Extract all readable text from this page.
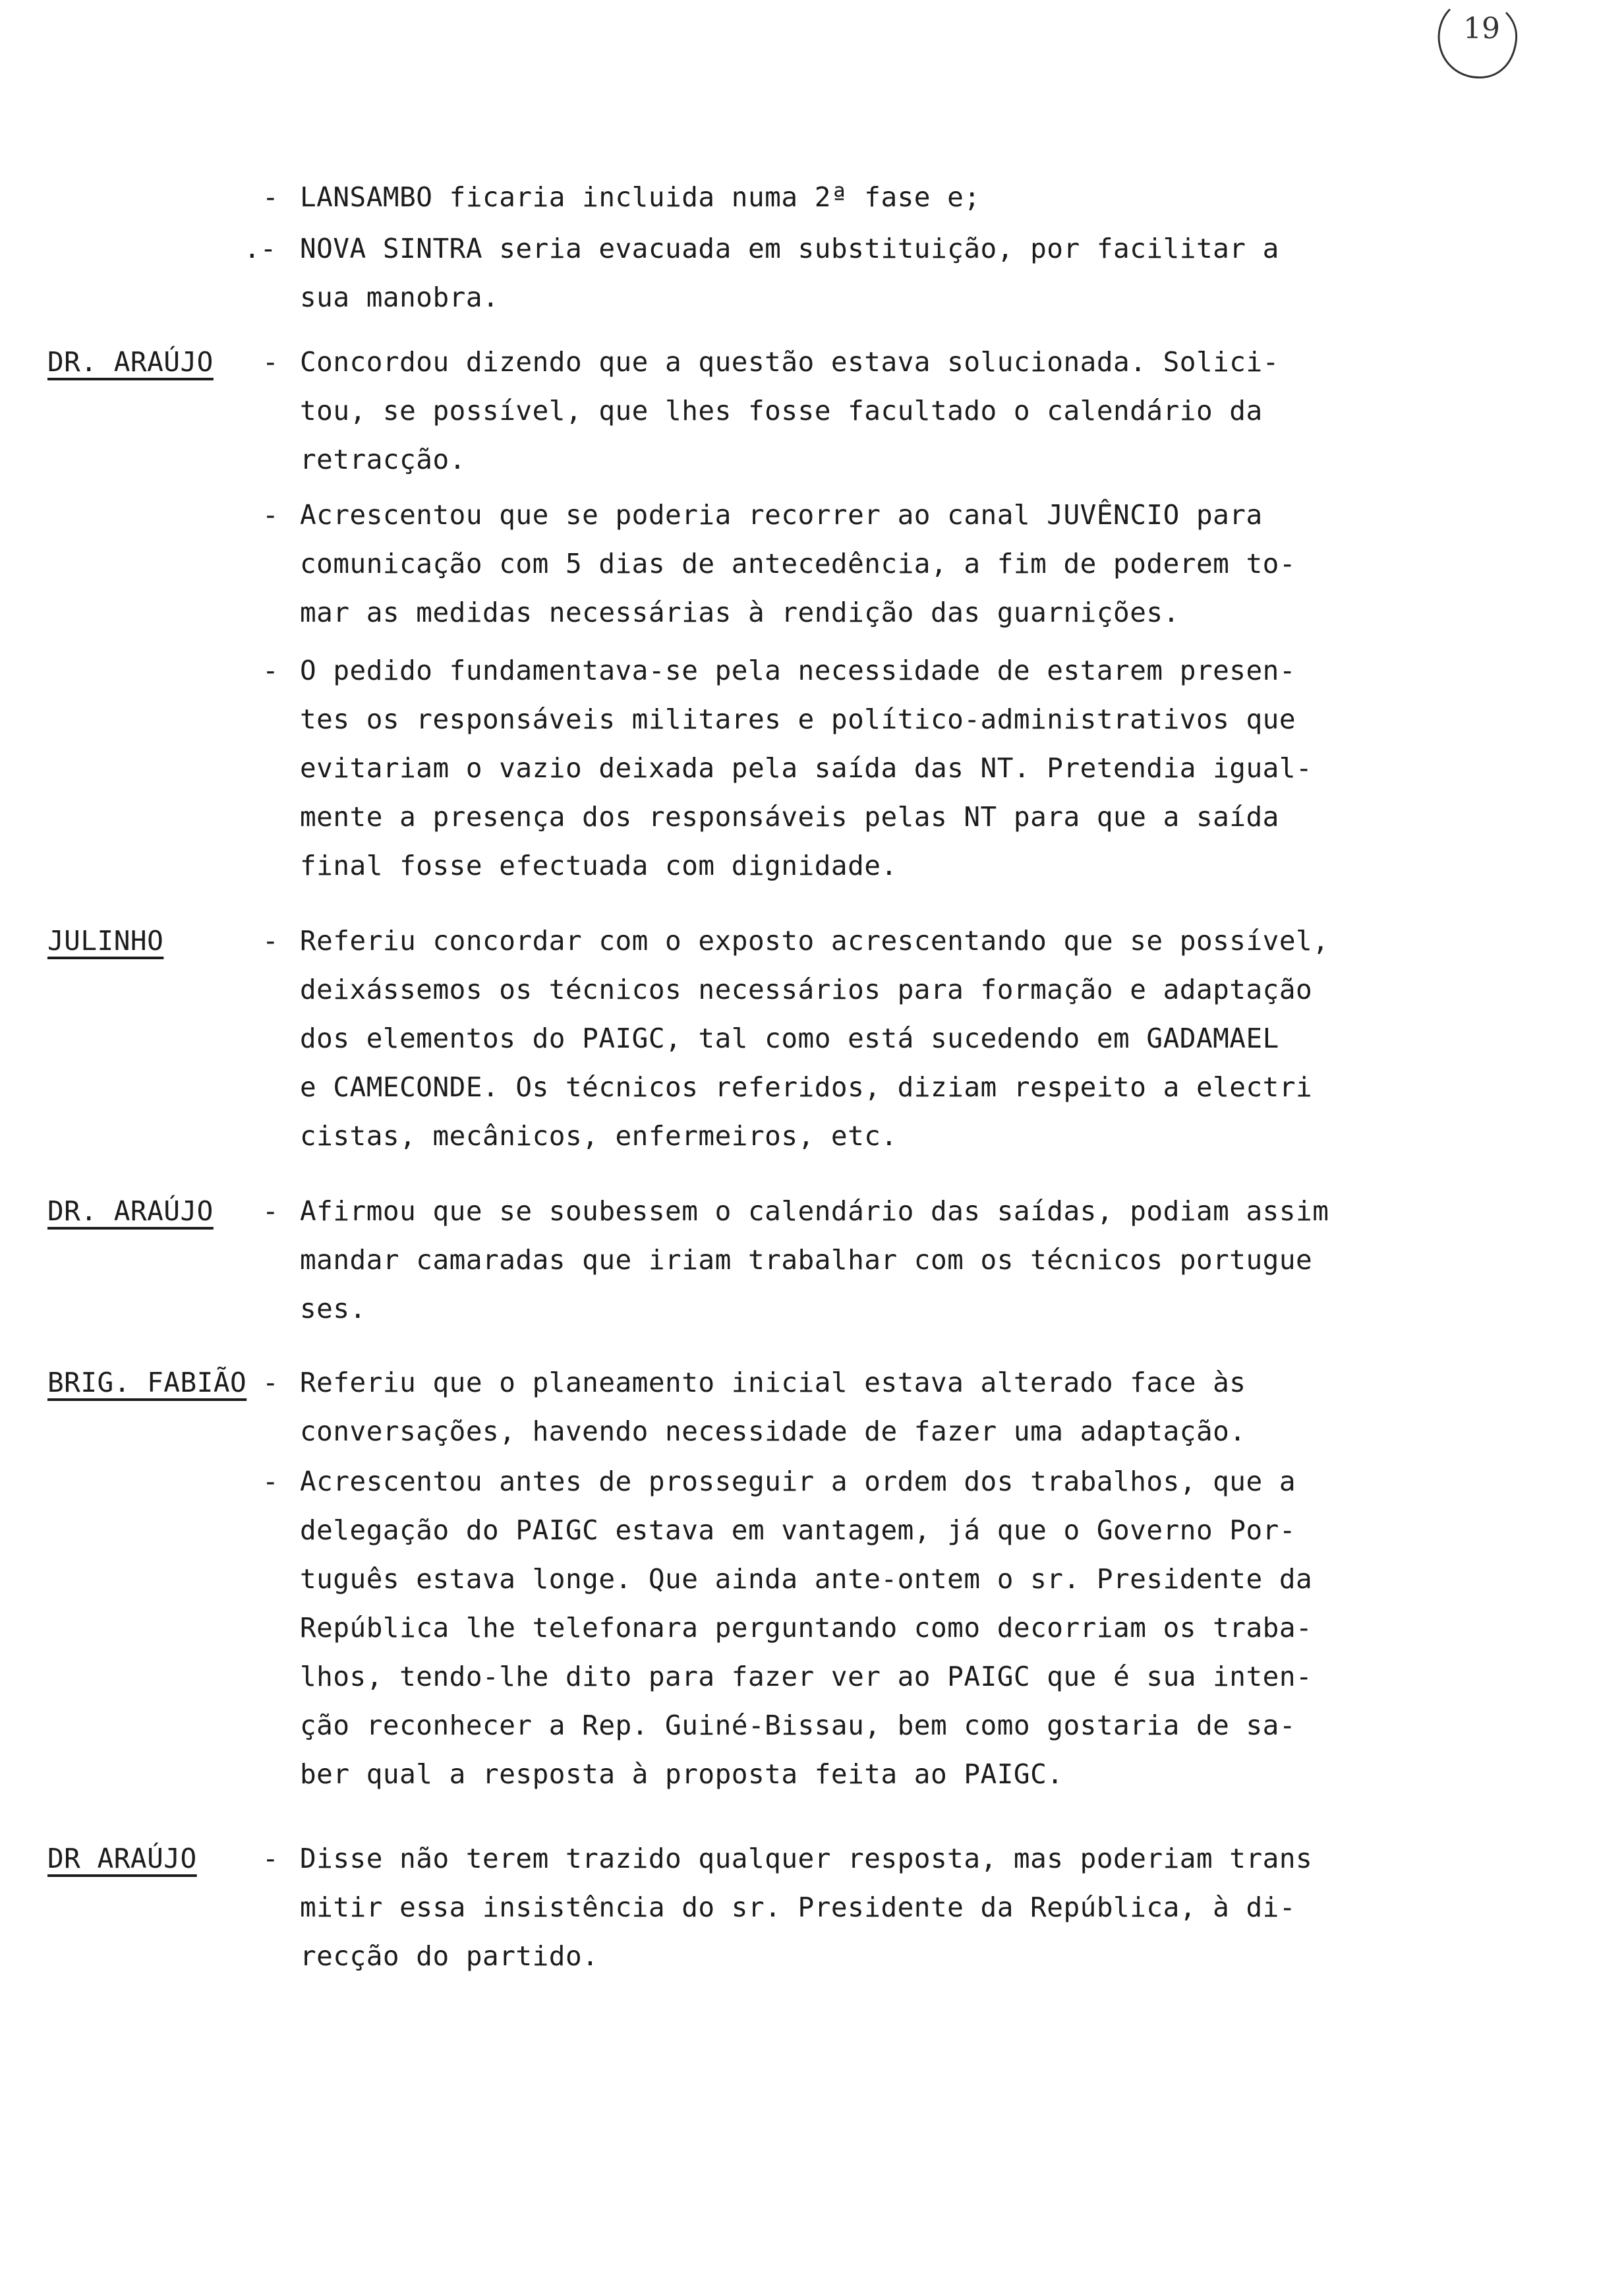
19
- LANSAMBO ficaria incluida numa 2ª fase e;
.- NOVA SINTRA seria evacuada em substituição, por facilitar a
sua manobra.
DR. ARAÚJO	- Concordou dizendo que a questão estava solucionada. Solici-
tou, se possível, que lhes fosse facultado o calendário da
retracção.
- Acrescentou que se poderia recorrer ao canal JUVÊNCIO para
comunicação com 5 dias de antecedência, a fim de poderem to-
mar as medidas necessárias à rendição das guarnições.
- O pedido fundamentava-se pela necessidade de estarem presen-
tes os responsáveis militares e político-administrativos que
evitariam o vazio deixada pela saída das NT. Pretendia igual-
mente a presença dos responsáveis pelas NT para que a saída
final fosse efectuada com dignidade.
JULINHO	- Referiu concordar com o exposto acrescentando que se possível,
deixássemos os técnicos necessários para formação e adaptação
dos elementos do PAIGC, tal como está sucedendo em GADAMAEL
e CAMECONDE. Os técnicos referidos, diziam respeito a electri
cistas, mecânicos, enfermeiros, etc.
DR. ARAÚJO	- Afirmou que se soubessem o calendário das saídas, podiam assim
mandar camaradas que iriam trabalhar com os técnicos portugue
ses.
BRIG. FABIÃO - Referiu que o planeamento inicial estava alterado face às
conversações, havendo necessidade de fazer uma adaptação.
- Acrescentou antes de prosseguir a ordem dos trabalhos, que a
delegação do PAIGC estava em vantagem, já que o Governo Por-
tuguês estava longe. Que ainda ante-ontem o sr. Presidente da
República lhe telefonara perguntando como decorriam os traba-
lhos, tendo-lhe dito para fazer ver ao PAIGC que é sua inten-
ção reconhecer a Rep. Guiné-Bissau, bem como gostaria de sa-
ber qual a resposta à proposta feita ao PAIGC.
DR ARAÚJO	- Disse não terem trazido qualquer resposta, mas poderiam trans
mitir essa insistência do sr. Presidente da República, à di-
recção do partido.
